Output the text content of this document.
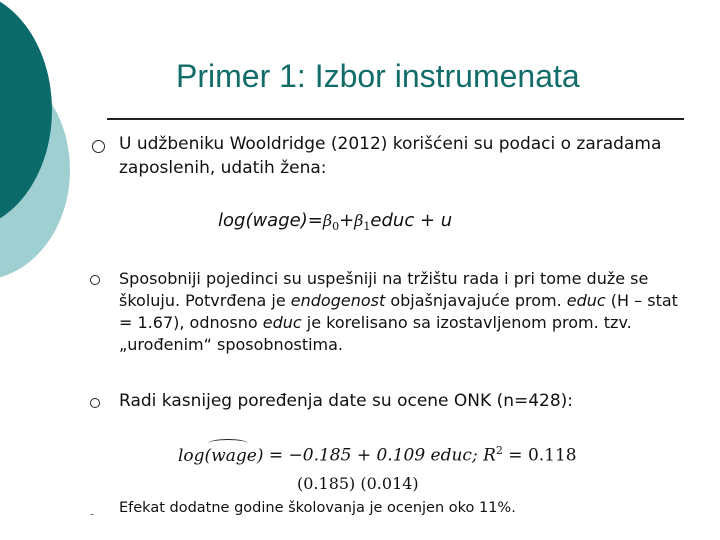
Primer 1: Izbor instrumenata
U udžbeniku Wooldridge (2012) korišćeni su podaci o zaradama zaposlenih, udatih žena:
$\log(wage)=\beta_0+\beta_1educ + u$
Sposobniji pojedinci su uspešniji na tržištu rada i pri tome duže se školuju. Potvrđena je endogenost objašnjavajuće prom. educ (H – stat = 1.67), odnosno educ je korelisano sa izostavljenom prom. tzv. „urođenim“ sposobnostima.
Radi kasnijeg poređenja date su ocene ONK (n=428):
log(wage) = −0.185 + 0.109 educ; $R^2 = 0.118$
(0.185) (0.014)
- Efekat dodatne godine školovanja je ocenjen oko 11%.
